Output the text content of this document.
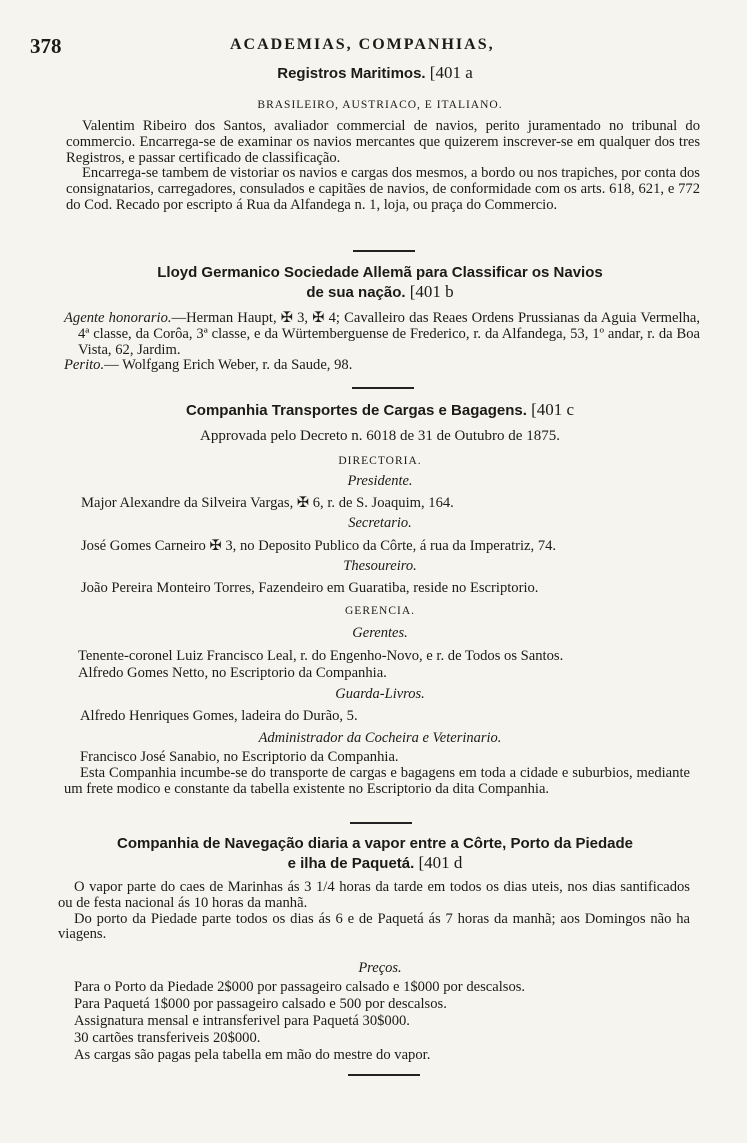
378	ACADEMIAS, COMPANHIAS,
Registros Maritimos. [401 a
BRASILEIRO, AUSTRIACO, E ITALIANO.

Valentim Ribeiro dos Santos, avaliador commercial de navios, perito juramentado no tribunal do commercio. Encarrega-se de examinar os navios mercantes que quizerem inscrever-se em qualquer dos tres Registros, e passar certificado de classificação.

Encarrega-se tambem de vistoriar os navios e cargas dos mesmos, a bordo ou nos trapiches, por conta dos consignatarios, carregadores, consulados e capitães de navios, de conformidade com os arts. 618, 621, e 772 do Cod. Recado por escripto á Rua da Alfandega n. 1, loja, ou praça do Commercio.

Lloyd Germanico Sociedade Allemã para Classificar os Navios
de sua nação. [401 b

Agente honorario.—Herman Haupt, ✠ 3, ✠ 4; Cavalleiro das Reaes Ordens Prussianas da Aguia Vermelha, 4ª classe, da Corôa, 3ª classe, e da Würtemberguense de Frederico, r. da Alfandega, 53, 1º andar, r. da Boa Vista, 62, Jardim.

Perito.— Wolfgang Erich Weber, r. da Saude, 98.

Companhia Transportes de Cargas e Bagagens. [401 c
Approvada pelo Decreto n. 6018 de 31 de Outubro de 1875.
DIRECTORIA.
Presidente.
Major Alexandre da Silveira Vargas, ✠ 6, r. de S. Joaquim, 164.
Secretario.
José Gomes Carneiro ✠ 3, no Deposito Publico da Côrte, á rua da Imperatriz, 74.
Thesoureiro.
João Pereira Monteiro Torres, Fazendeiro em Guaratiba, reside no Escriptorio.
GERENCIA.
Gerentes.
Tenente-coronel Luiz Francisco Leal, r. do Engenho-Novo, e r. de Todos os Santos.
Alfredo Gomes Netto, no Escriptorio da Companhia.
Guarda-Livros.
Alfredo Henriques Gomes, ladeira do Durão, 5.
Administrador da Cocheira e Veterinario.
Francisco José Sanabio, no Escriptorio da Companhia.

Esta Companhia incumbe-se do transporte de cargas e bagagens em toda a cidade e suburbios, mediante um frete modico e constante da tabella existente no Escriptorio da dita Companhia.

Companhia de Navegação diaria a vapor entre a Côrte, Porto da Piedade
e ilha de Paquetá. [401 d

O vapor parte do caes de Marinhas ás 3 1/4 horas da tarde em todos os dias uteis, nos dias santificados ou de festa nacional ás 10 horas da manhã.

Do porto da Piedade parte todos os dias ás 6 e de Paquetá ás 7 horas da manhã; aos Domingos não ha viagens.

Preços.
Para o Porto da Piedade 2$000 por passageiro calsado e 1$000 por descalsos.
Para Paquetá 1$000 por passageiro calsado e 500 por descalsos.
Assignatura mensal e intransferivel para Paquetá 30$000.
30 cartões transferiveis 20$000.
As cargas são pagas pela tabella em mão do mestre do vapor.
